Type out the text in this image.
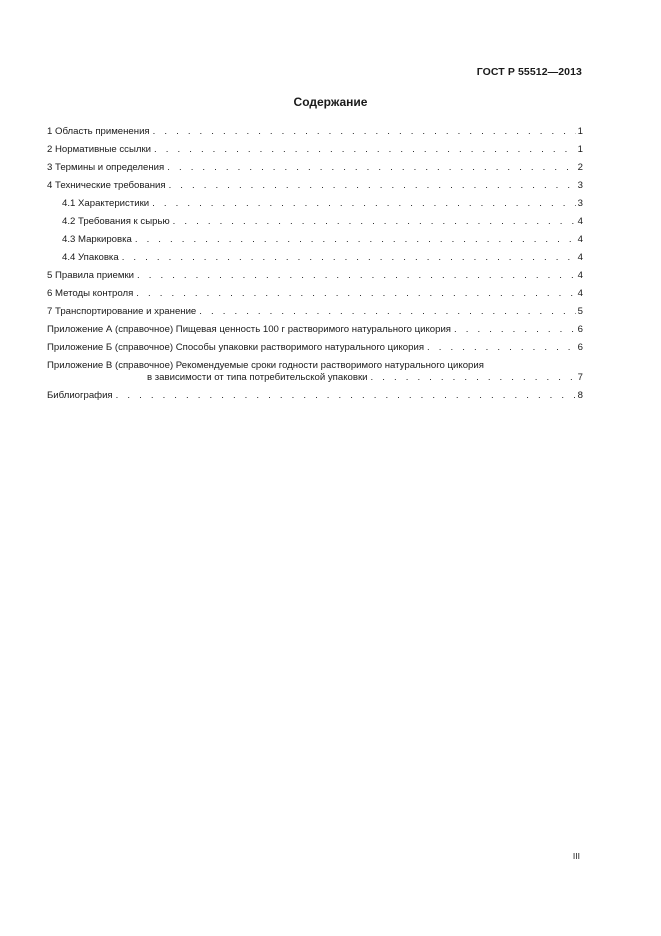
ГОСТ Р 55512—2013
Содержание
1 Область применения . . .	1
2 Нормативные ссылки . . .	1
3 Термины и определения . . .	2
4 Технические требования . . .	3
4.1 Характеристики . . .	3
4.2 Требования к сырью . . .	4
4.3 Маркировка . . .	4
4.4 Упаковка . . .	4
5 Правила приемки . . .	4
6 Методы контроля . . .	4
7 Транспортирование и хранение . . .	5
Приложение А (справочное) Пищевая ценность 100 г растворимого натурального цикория . . .	6
Приложение Б (справочное) Способы упаковки растворимого натурального цикория . . .	6
Приложение В (справочное) Рекомендуемые сроки годности растворимого натурального цикория
в зависимости от типа потребительской упаковки . . .	7
Библиография . . .	8
III
